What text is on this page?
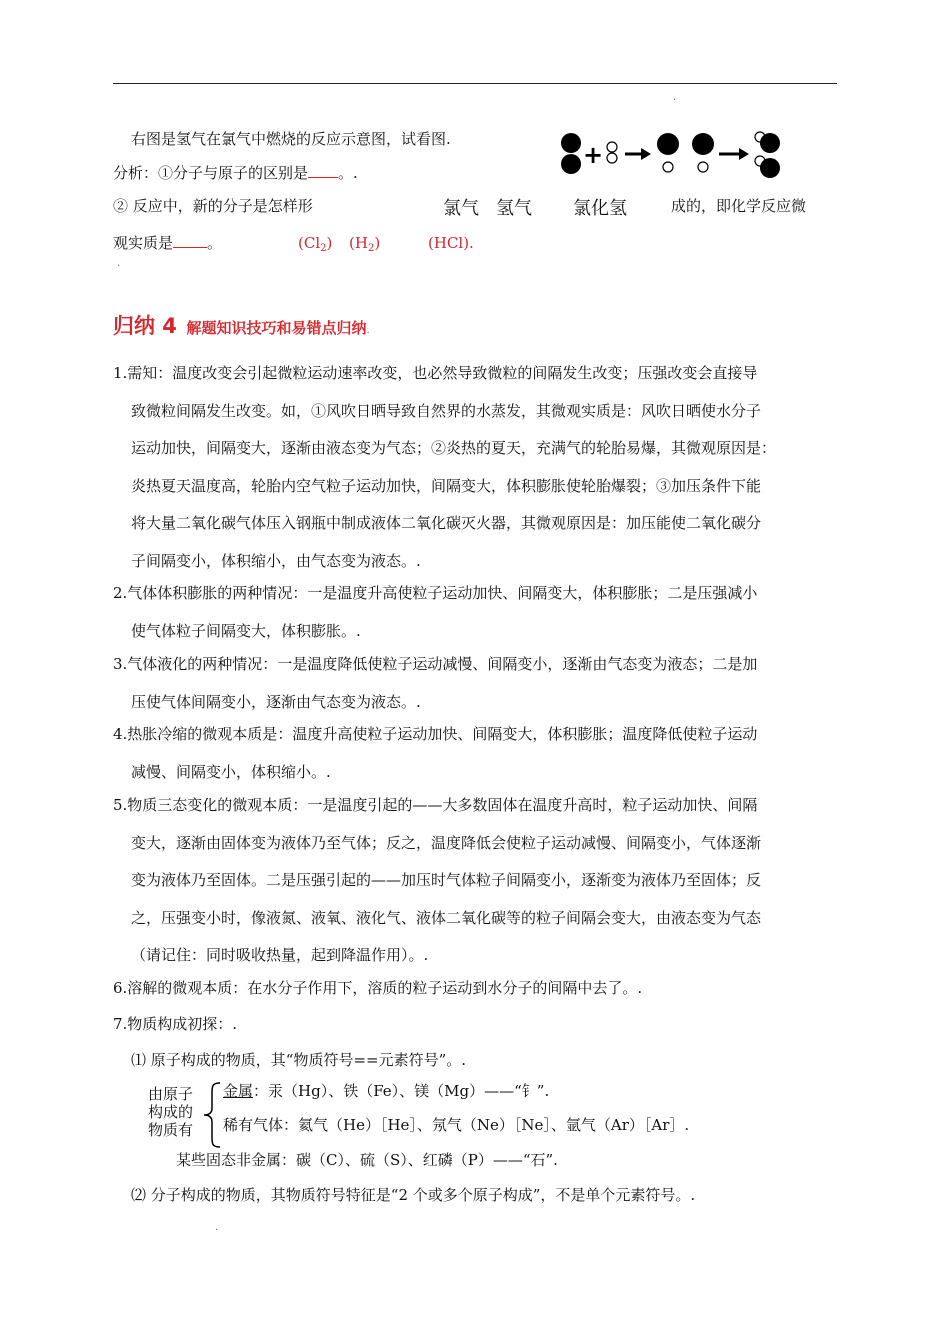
.
右图是氢气在氯气中燃烧的反应示意图，试看图.
分析：①分子与原子的区别是 。.
② 反应中，新的分子是怎样形	氯气 氢气 氯化氢	成的，即化学反应微
观实质是 。	$(Cl_2)$ $(H_2)$	(HCl).
.
+
归纳 4 解题知识技巧和易错点归纳.
1.需知：温度改变会引起微粒运动速率改变，也必然导致微粒的间隔发生改变；压强改变会直接导
致微粒间隔发生改变。如，①风吹日晒导致自然界的水蒸发，其微观实质是：风吹日晒使水分子
运动加快，间隔变大，逐渐由液态变为气态；②炎热的夏天，充满气的轮胎易爆，其微观原因是：
炎热夏天温度高，轮胎内空气粒子运动加快，间隔变大，体积膨胀使轮胎爆裂；③加压条件下能
将大量二氧化碳气体压入钢瓶中制成液体二氧化碳灭火器，其微观原因是：加压能使二氧化碳分
子间隔变小，体积缩小，由气态变为液态。.
2.气体体积膨胀的两种情况：一是温度升高使粒子运动加快、间隔变大，体积膨胀；二是压强减小
使气体粒子间隔变大，体积膨胀。.
3.气体液化的两种情况：一是温度降低使粒子运动减慢、间隔变小，逐渐由气态变为液态；二是加
压使气体间隔变小，逐渐由气态变为液态。.
4.热胀冷缩的微观本质是：温度升高使粒子运动加快、间隔变大，体积膨胀；温度降低使粒子运动
减慢、间隔变小，体积缩小。.
5.物质三态变化的微观本质：一是温度引起的——大多数固体在温度升高时，粒子运动加快、间隔
变大，逐渐由固体变为液体乃至气体；反之，温度降低会使粒子运动减慢、间隔变小，气体逐渐
变为液体乃至固体。二是压强引起的——加压时气体粒子间隔变小，逐渐变为液体乃至固体；反
之，压强变小时，像液氮、液氧、液化气、液体二氧化碳等的粒子间隔会变大，由液态变为气态
（请记住：同时吸收热量，起到降温作用）。.
6.溶解的微观本质：在水分子作用下，溶质的粒子运动到水分子的间隔中去了。.
7.物质构成初探：.
⑴ 原子构成的物质，其“物质符号==元素符号”。.
由原子
构成的
物质有
金属：汞（Hg）、铁（Fe）、镁（Mg）——“钅”.
稀有气体：氦气（He）［He］、氖气（Ne）［Ne］、氩气（Ar）［Ar］.
某些固态非金属：碳（C）、硫（S）、红磷（P）——“石”.
⑵ 分子构成的物质，其物质符号特征是“2 个或多个原子构成”，不是单个元素符号。.
.
